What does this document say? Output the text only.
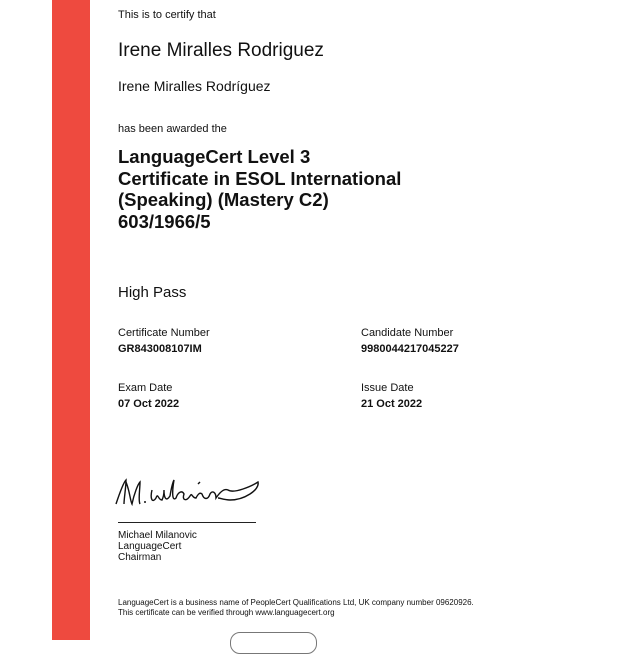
This is to certify that
Irene Miralles Rodriguez
Irene Miralles Rodríguez
has been awarded the
LanguageCert Level 3
Certificate in ESOL International
(Speaking) (Mastery C2)
603/1966/5
High Pass
Certificate Number
GR843008107IM
Candidate Number
9980044217045227
Exam Date
07 Oct 2022
Issue Date
21 Oct 2022
Michael Milanovic
LanguageCert
Chairman
LanguageCert is a business name of PeopleCert Qualifications Ltd, UK company number 09620926.
This certificate can be verified through www.languagecert.org
